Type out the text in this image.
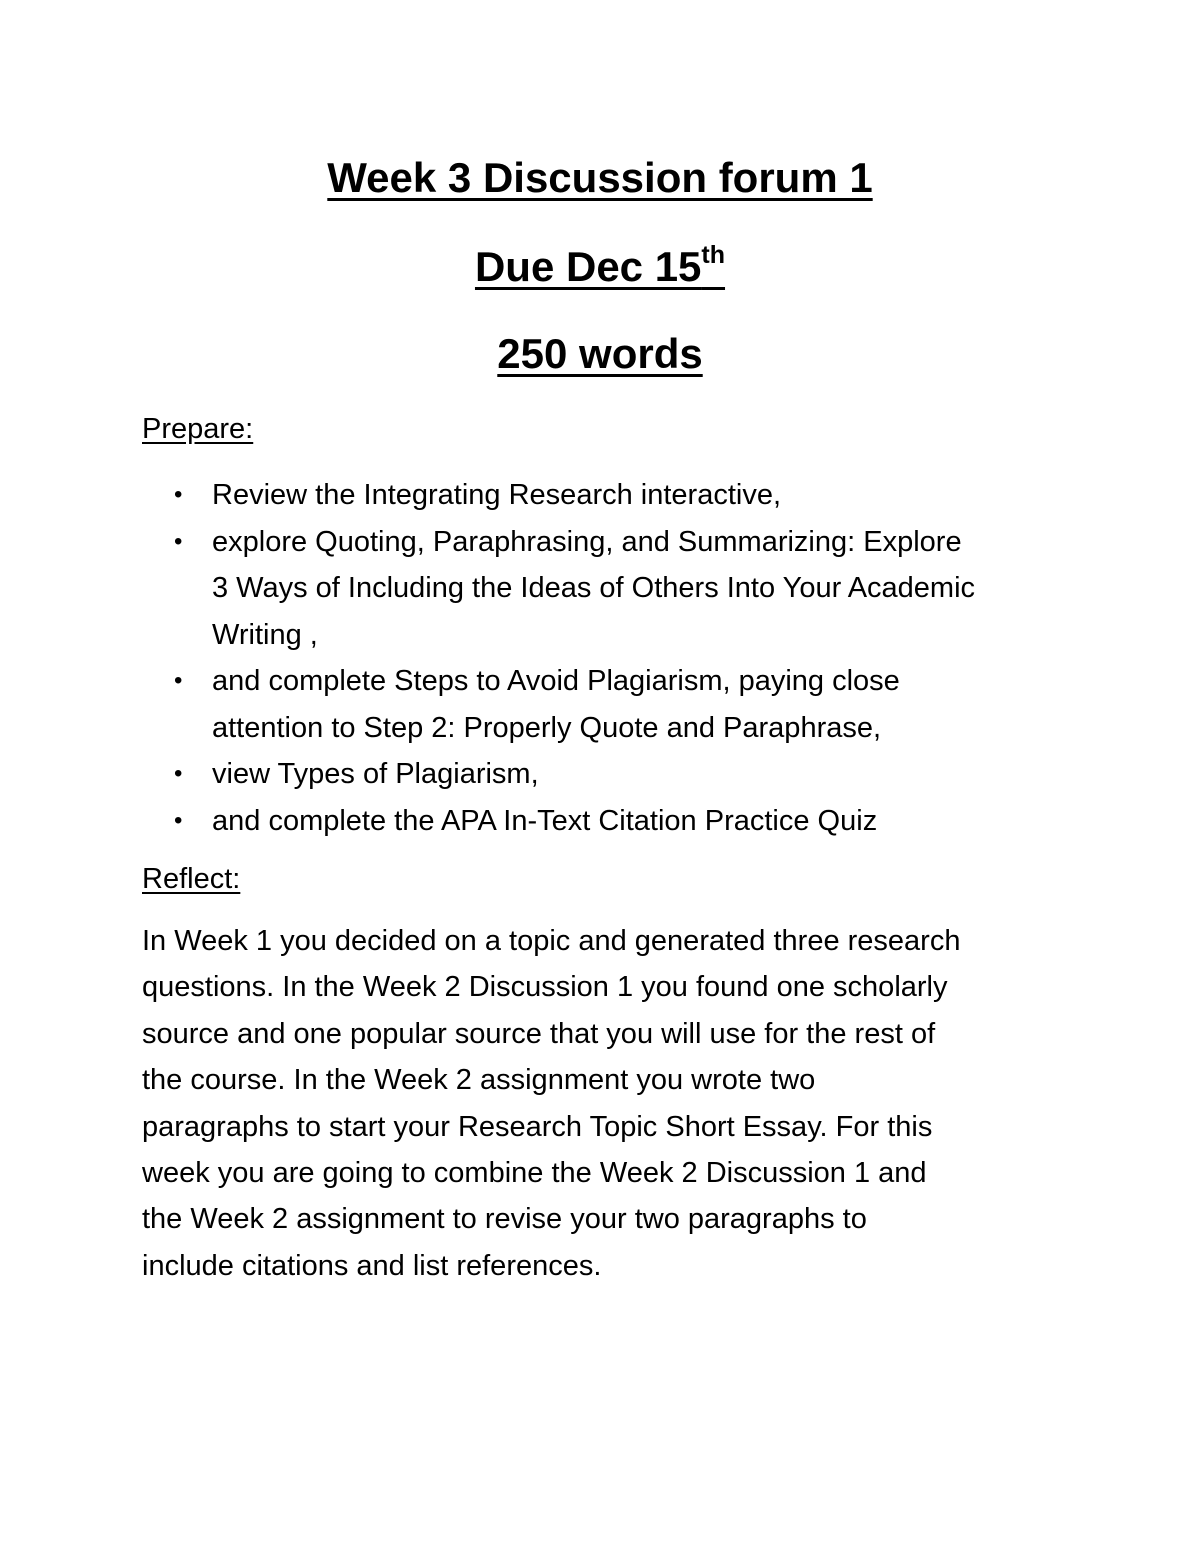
Week 3 Discussion forum 1
Due Dec 15th
250 words

Prepare:

• Review the Integrating Research interactive,
• explore Quoting, Paraphrasing, and Summarizing: Explore
3 Ways of Including the Ideas of Others Into Your Academic
Writing ,
• and complete Steps to Avoid Plagiarism, paying close
attention to Step 2: Properly Quote and Paraphrase,
• view Types of Plagiarism,
• and complete the APA In-Text Citation Practice Quiz

Reflect:

In Week 1 you decided on a topic and generated three research
questions. In the Week 2 Discussion 1 you found one scholarly
source and one popular source that you will use for the rest of
the course. In the Week 2 assignment you wrote two
paragraphs to start your Research Topic Short Essay. For this
week you are going to combine the Week 2 Discussion 1 and
the Week 2 assignment to revise your two paragraphs to
include citations and list references.
